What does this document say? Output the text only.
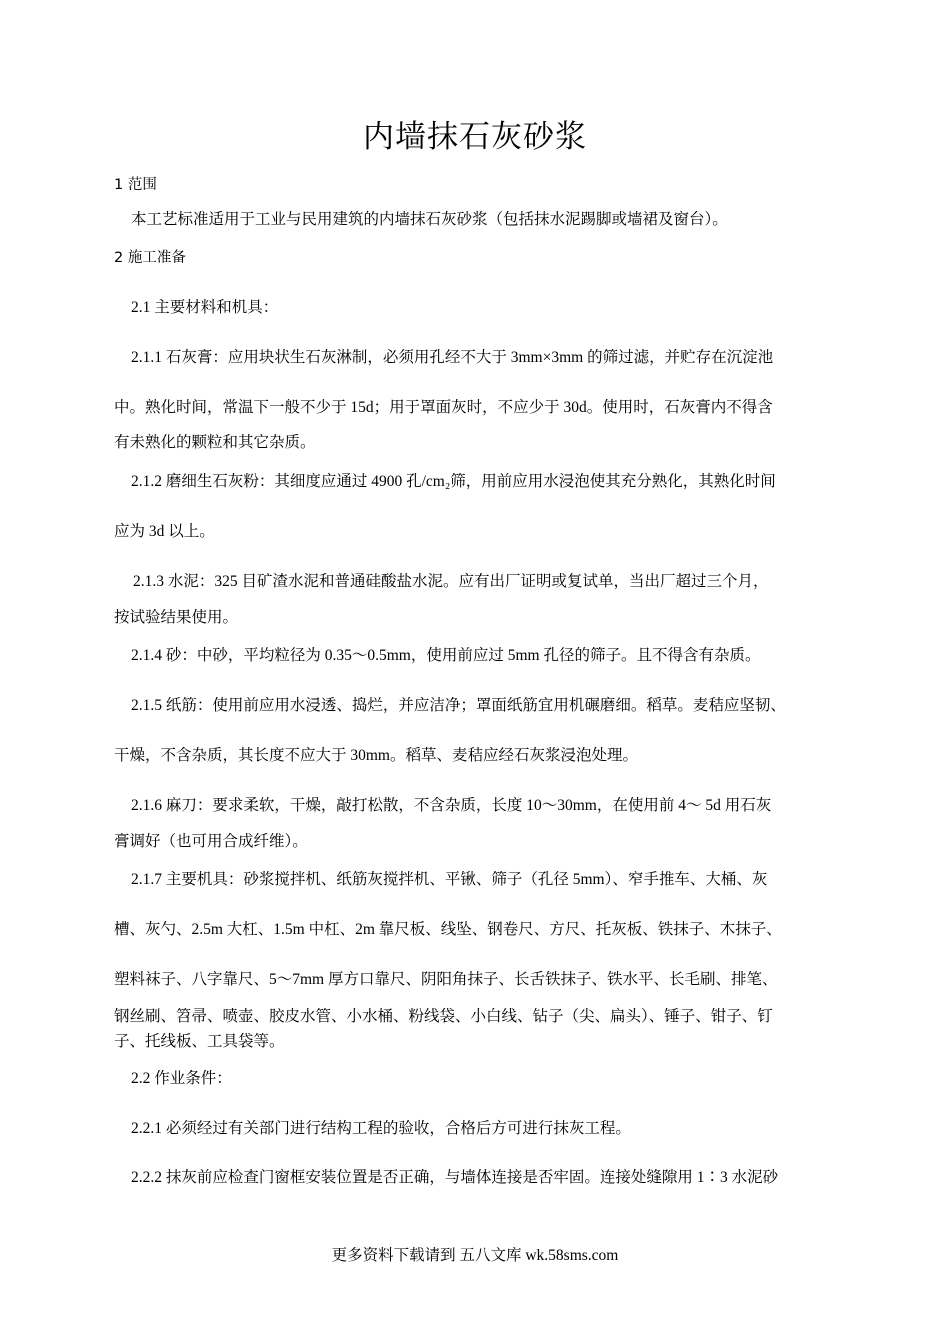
内墙抹石灰砂浆
1 范围
本工艺标准适用于工业与民用建筑的内墙抹石灰砂浆（包括抹水泥踢脚或墙裙及窗台）。
2 施工准备
2.1 主要材料和机具：
2.1.1 石灰膏：应用块状生石灰淋制，必须用孔经不大于 3mm×3mm 的筛过滤，并贮存在沉淀池
中。熟化时间，常温下一般不少于 15d；用于罩面灰时，不应少于 30d。使用时，石灰膏内不得含
有未熟化的颗粒和其它杂质。
2.1.2 磨细生石灰粉：其细度应通过 4900 孔/cm₂筛，用前应用水浸泡使其充分熟化，其熟化时间
应为 3d 以上。
2.1.3 水泥：325 目矿渣水泥和普通硅酸盐水泥。应有出厂证明或复试单，当出厂超过三个月，
按试验结果使用。
2.1.4 砂：中砂，平均粒径为 0.35～0.5mm，使用前应过 5mm 孔径的筛子。且不得含有杂质。
2.1.5 纸筋：使用前应用水浸透、捣烂，并应洁净；罩面纸筋宜用机碾磨细。稻草。麦秸应坚韧、
干燥，不含杂质，其长度不应大于 30mm。稻草、麦秸应经石灰浆浸泡处理。
2.1.6 麻刀：要求柔软，干燥，敲打松散，不含杂质，长度 10～30mm，在使用前 4～ 5d 用石灰
膏调好（也可用合成纤维）。
2.1.7 主要机具：砂浆搅拌机、纸筋灰搅拌机、平锹、筛子（孔径 5mm）、窄手推车、大桶、灰
槽、灰勺、2.5m 大杠、1.5m 中杠、2m 靠尺板、线坠、钢卷尺、方尺、托灰板、铁抹子、木抹子、
塑料袜子、八字靠尺、5～7mm 厚方口靠尺、阴阳角抹子、长舌铁抹子、铁水平、长毛刷、排笔、
钢丝刷、笤帚、喷壶、胶皮水管、小水桶、粉线袋、小白线、钻子（尖、扁头）、锤子、钳子、钉
子、托线板、工具袋等。
2.2 作业条件：
2.2.1 必须经过有关部门进行结构工程的验收，合格后方可进行抹灰工程。
2.2.2 抹灰前应检查门窗框安装位置是否正确，与墙体连接是否牢固。连接处缝隙用 1∶3 水泥砂
更多资料下载请到 五八文库 wk.58sms.com
